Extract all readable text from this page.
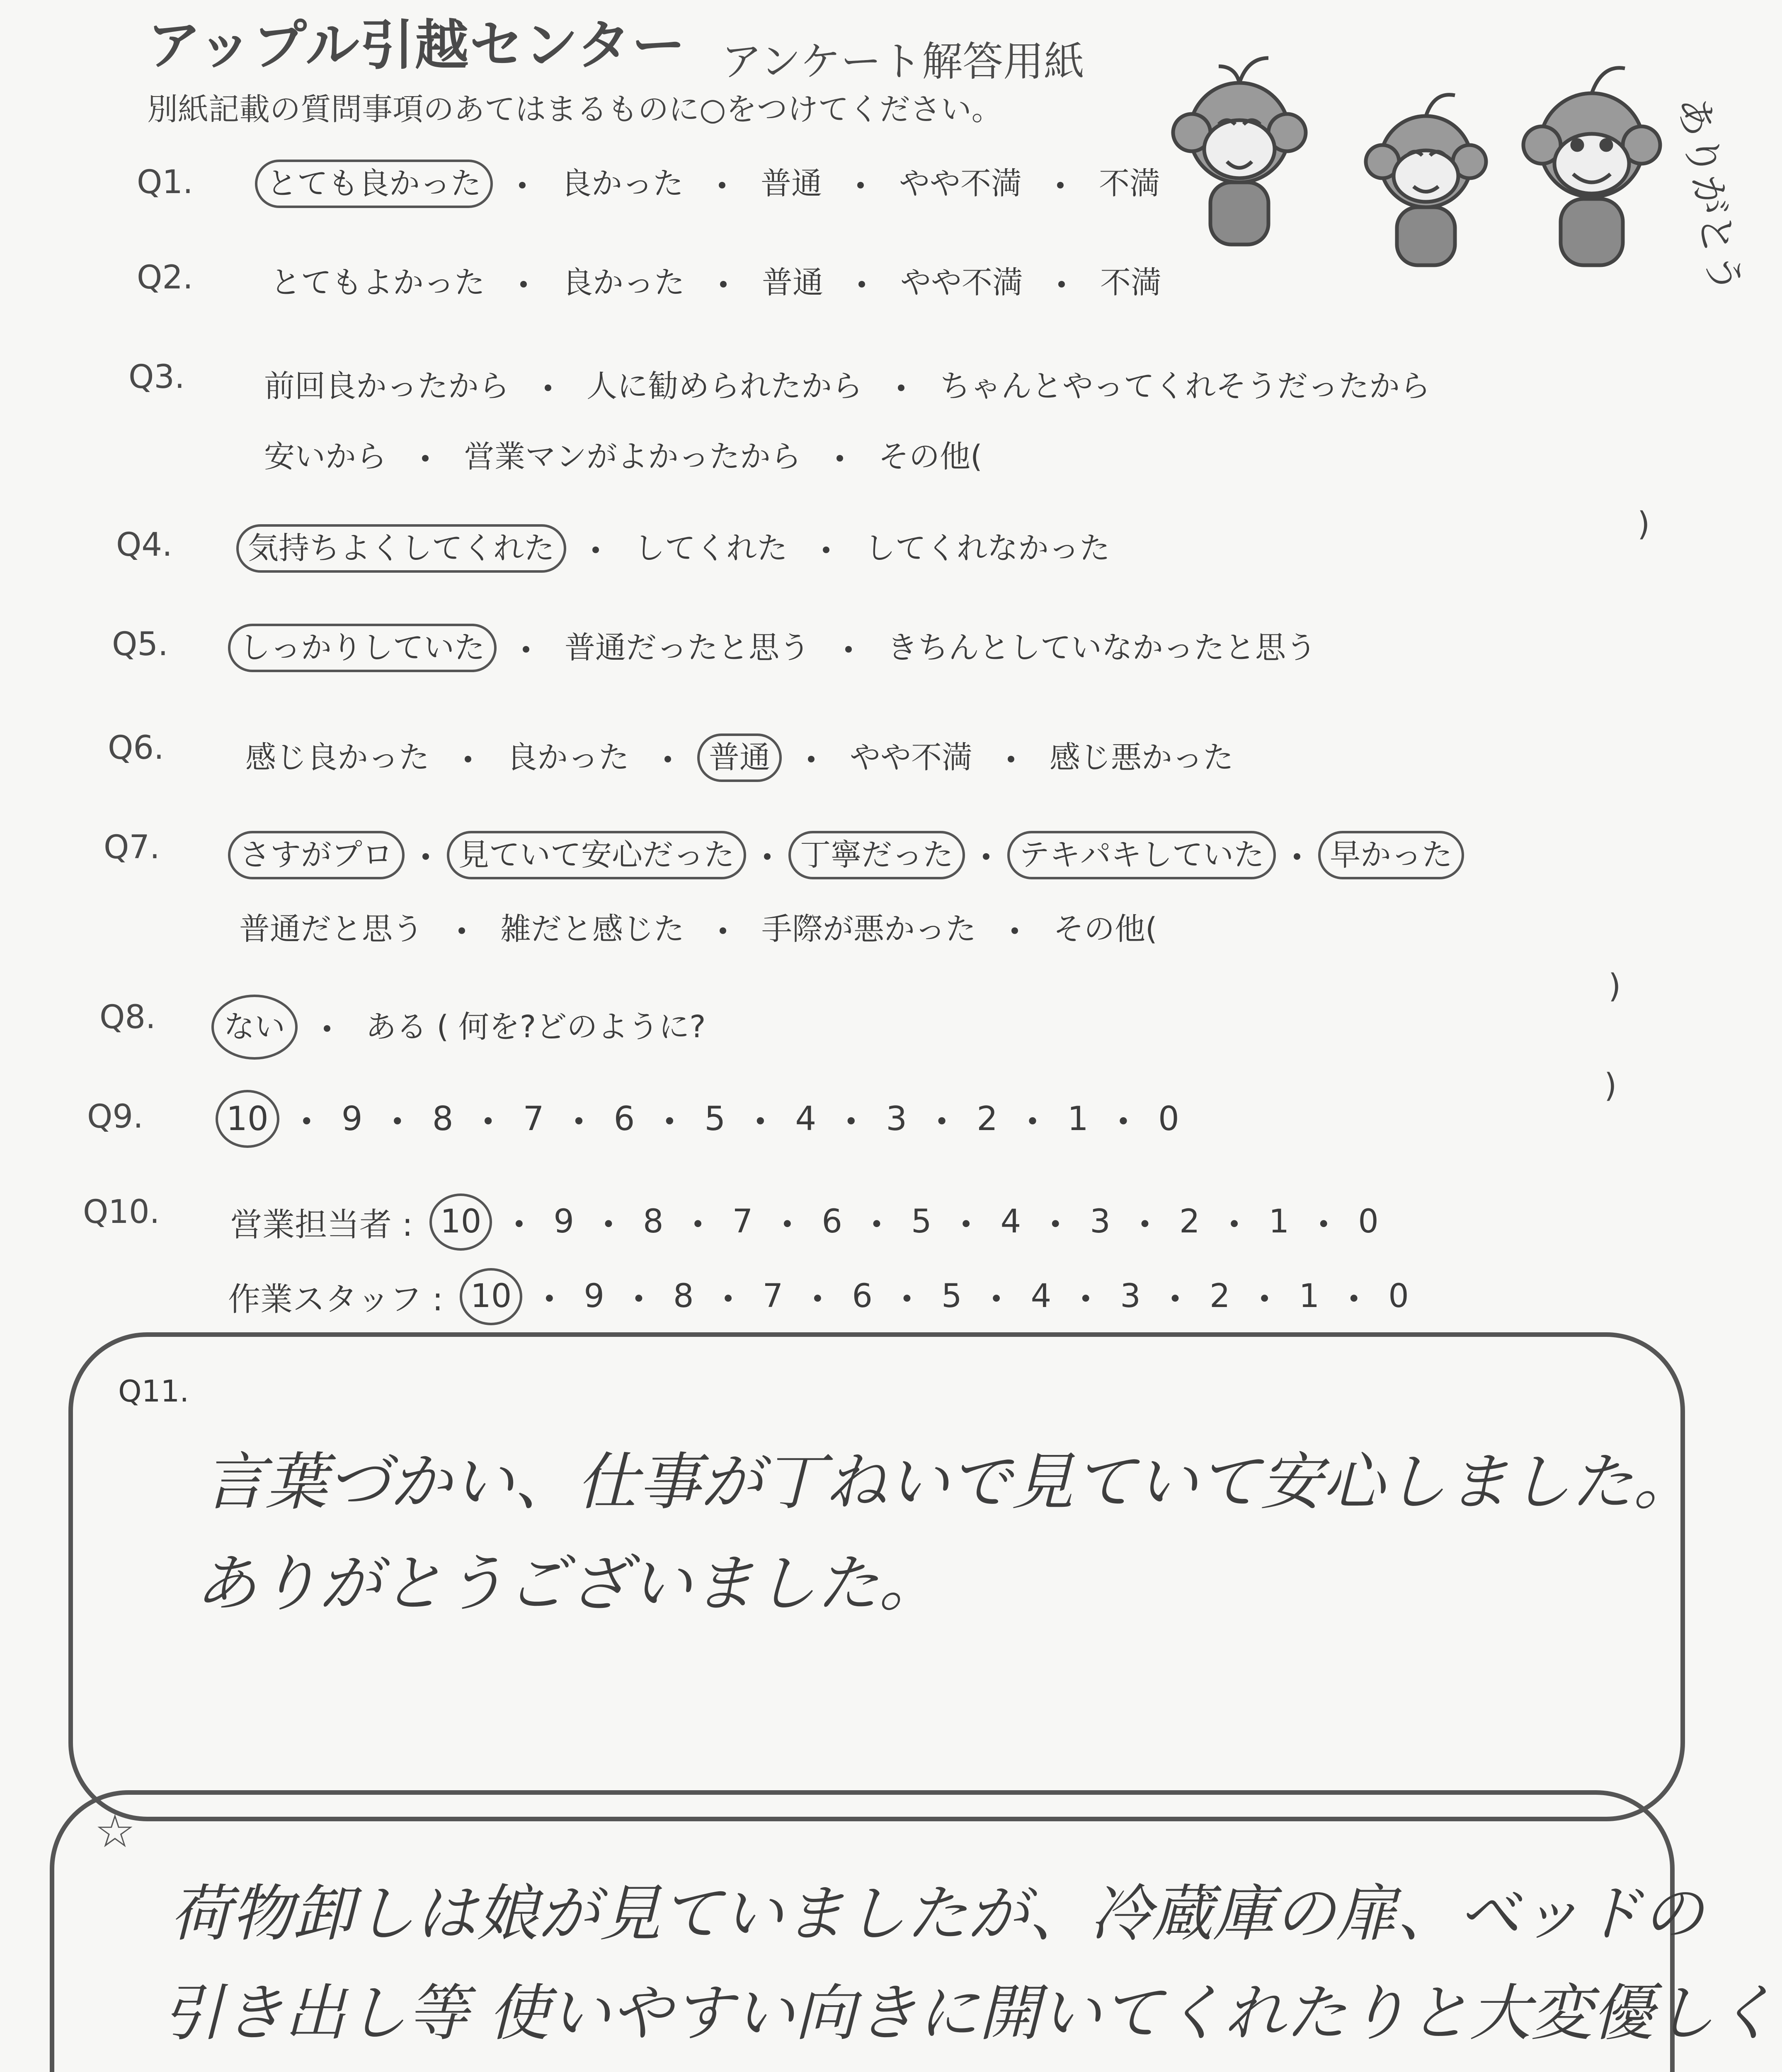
アップル引越センター アンケート解答用紙
別紙記載の質問事項のあてはまるものに○をつけてください。	ありがとう
Q1.	とても良かった ・ 良かった ・ 普通 ・ やや不満 ・ 不満
Q2.	とてもよかった ・ 良かった ・ 普通 ・ やや不満 ・ 不満
Q3.	前回良かったから ・ 人に勧められたから ・ ちゃんとやってくれそうだったから
安いから ・ 営業マンがよかったから ・ その他(
)
Q4.	気持ちよくしてくれた ・ してくれた ・ してくれなかった
Q5.	しっかりしていた ・ 普通だったと思う ・ きちんとしていなかったと思う
Q6.	感じ良かった ・ 良かった ・ 普通 ・ やや不満 ・ 感じ悪かった
Q7.	さすがプロ ・ 見ていて安心だった ・ 丁寧だった ・ テキパキしていた ・ 早かった
普通だと思う ・ 雑だと感じた ・ 手際が悪かった ・ その他(
)
Q8.	ない ・ ある ( 何を?どのように?
)
Q9.	10 ・ 9 ・ 8 ・ 7 ・ 6 ・ 5 ・ 4 ・ 3 ・ 2 ・ 1 ・ 0
Q10. 営業担当者 : 10 ・ 9 ・ 8 ・ 7 ・ 6 ・ 5 ・ 4 ・ 3 ・ 2 ・ 1 ・ 0
作業スタッフ : 10 ・ 9 ・ 8 ・ 7 ・ 6 ・ 5 ・ 4 ・ 3 ・ 2 ・ 1 ・ 0
Q11.
言葉づかい、仕事が丁ねいで見ていて安心しました。
ありがとうございました。
☆
荷物卸しは娘が見ていましたが、冷蔵庫の扉、ベッドの
引き出し等 使いやすい向きに開いてくれたりと大変優しく
